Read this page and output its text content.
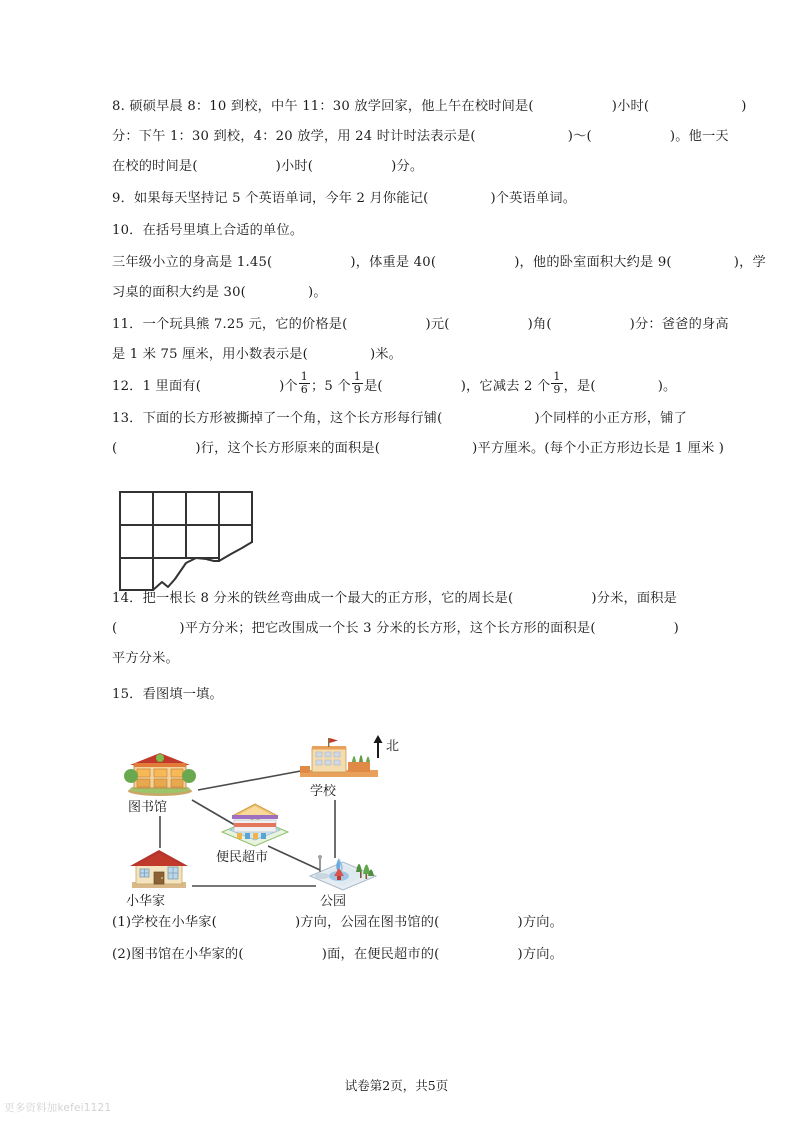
8. 硕硕早晨 8：10 到校，中午 11：30 放学回家，他上午在校时间是(	)小时(	)
分：下午 1：30 到校，4：20 放学，用 24 时计时法表示是(	)～(	)。他一天
在校的时间是(	)小时(	)分。
9．如果每天坚持记 5 个英语单词，今年 2 月你能记(	)个英语单词。
10．在括号里填上合适的单位。
三年级小立的身高是 1.45(	)，体重是 40(	)，他的卧室面积大约是 9(	)，学
习桌的面积大约是 30(	)。
11．一个玩具熊 7.25 元，它的价格是(	)元(	)角(	)分：爸爸的身高
是 1 米 75 厘米，用小数表示是(	)米。
12．1 里面有(	)个 $\frac{1}{6}$ ；5 个 $\frac{1}{9}$ 是(	)，它减去 2 个 $\frac{1}{9}$ ，是(	)。
13．下面的长方形被撕掉了一个角，这个长方形每行铺(	)个同样的小正方形，铺了
(	)行，这个长方形原来的面积是(	)平方厘米。(每个小正方形边长是 1 厘米 )
14．把一根长 8 分米的铁丝弯曲成一个最大的正方形，它的周长是(	)分米，面积是
(	)平方分米；把它改围成一个长 3 分米的长方形，这个长方形的面积是(	)
平方分米。
15．看图填一填。
(1)学校在小华家(	)方向，公园在图书馆的(	)方向。
(2)图书馆在小华家的(	)面，在便民超市的(	)方向。
北
图书馆
学校
便民超市
公园
小华家
试卷第2页，共5页
更多资料加kefei1121
